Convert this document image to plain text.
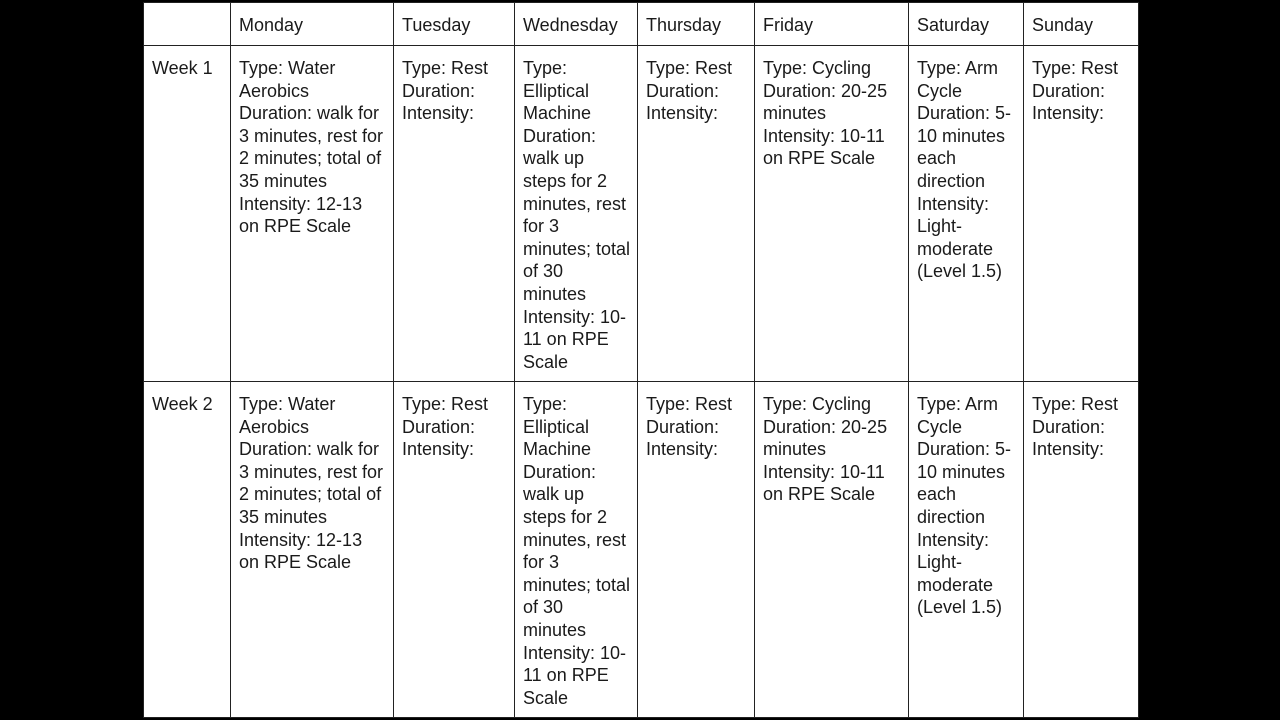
	Monday	Tuesday	Wednesday	Thursday	Friday	Saturday	Sunday
Week 1	Type: Water Aerobics
Duration: walk for 3 minutes, rest for 2 minutes; total of 35 minutes
Intensity: 12-13 on RPE Scale	Type: Rest
Duration:
Intensity:	Type: Elliptical Machine
Duration: walk up steps for 2 minutes, rest for 3 minutes; total of 30 minutes
Intensity: 10-11 on RPE Scale	Type: Rest
Duration:
Intensity:	Type: Cycling
Duration: 20-25 minutes
Intensity: 10-11 on RPE Scale	Type: Arm Cycle
Duration: 5-10 minutes each direction
Intensity: Light-moderate (Level 1.5)	Type: Rest
Duration:
Intensity:

Week 2	Type: Water Aerobics
Duration: walk for 3 minutes, rest for 2 minutes; total of 35 minutes
Intensity: 12-13 on RPE Scale	Type: Rest
Duration:
Intensity:	Type: Elliptical Machine
Duration: walk up steps for 2 minutes, rest for 3 minutes; total of 30 minutes
Intensity: 10-11 on RPE Scale	Type: Rest
Duration:
Intensity:	Type: Cycling
Duration: 20-25 minutes
Intensity: 10-11 on RPE Scale	Type: Arm Cycle
Duration: 5-10 minutes each direction
Intensity: Light-moderate (Level 1.5)	Type: Rest
Duration:
Intensity:
